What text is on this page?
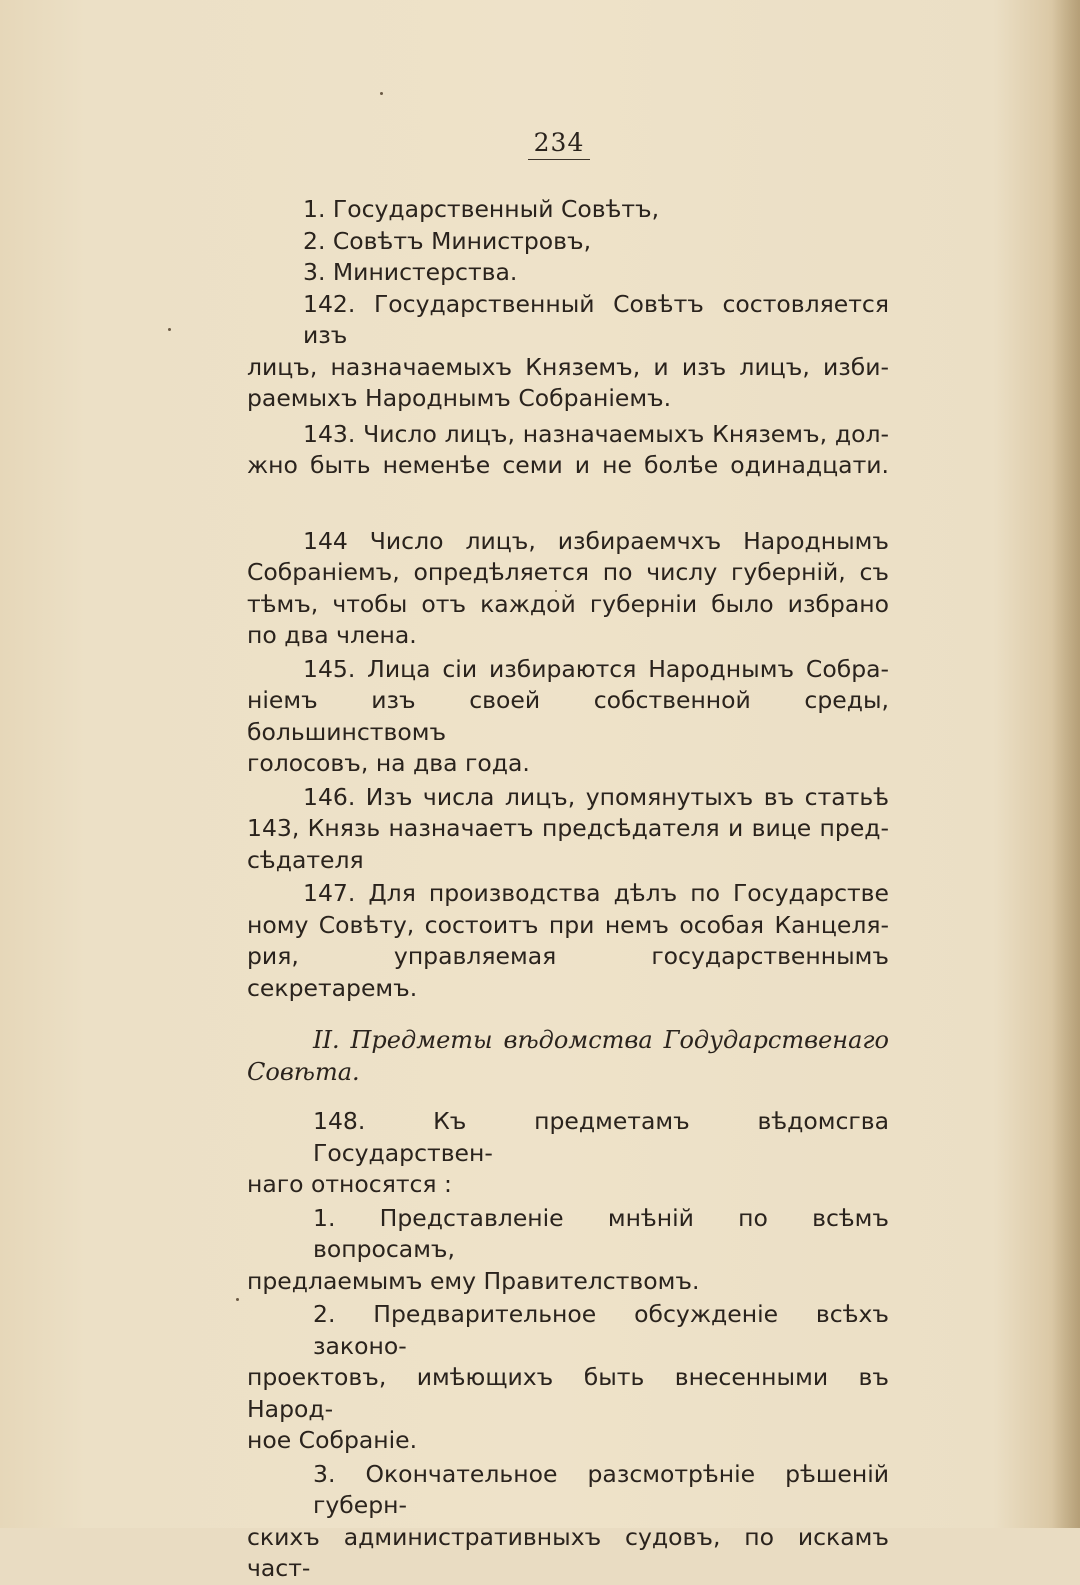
234

1. Государственный Совѣтъ,

2. Совѣтъ Министровъ,

3. Министерства.

142. Государственный Совѣтъ состовляется изъ

лицъ, назначаемыхъ Княземъ, и изъ лицъ, изби-

раемыхъ Народнымъ Собраніемъ.

143. Число лицъ, назначаемыхъ Княземъ, дол-

жно быть неменѣе семи и не болѣе одинадцати.

144 Число лицъ, избираемчхъ Народнымъ

Собраніемъ, опредѣляется по числу губерній, съ

тѣмъ, чтобы отъ каждой губерніи было избрано

по два члена.

145. Лица сіи избираются Народнымъ Собра-

ніемъ изъ своей собственной среды, большинствомъ

голосовъ, на два года.

146. Изъ числа лицъ, упомянутыхъ въ статьѣ

143, Князь назначаетъ предсѣдателя и вице пред-

сѣдателя

147. Для производства дѣлъ по Государстве

ному Совѣту, состоитъ при немъ особая Канцеля-

рия, управляемая государственнымъ секретаремъ.

II. Предметы вѣдомства Годударственаго

Совѣта.

148. Къ предметамъ вѣдомсгва Государствен-

наго относятся :

1. Представленіе мнѣній по всѣмъ вопросамъ,

предлаемымъ ему Правителствомъ.

2. Предварительное обсужденіе всѣхъ законо-

проектовъ, имѣющихъ быть внесенными въ Народ-

ное Собраніе.

3. Окончательное разсмотрѣніе рѣшеній губерн-

скихъ административныхъ судовъ, по искамъ част-
